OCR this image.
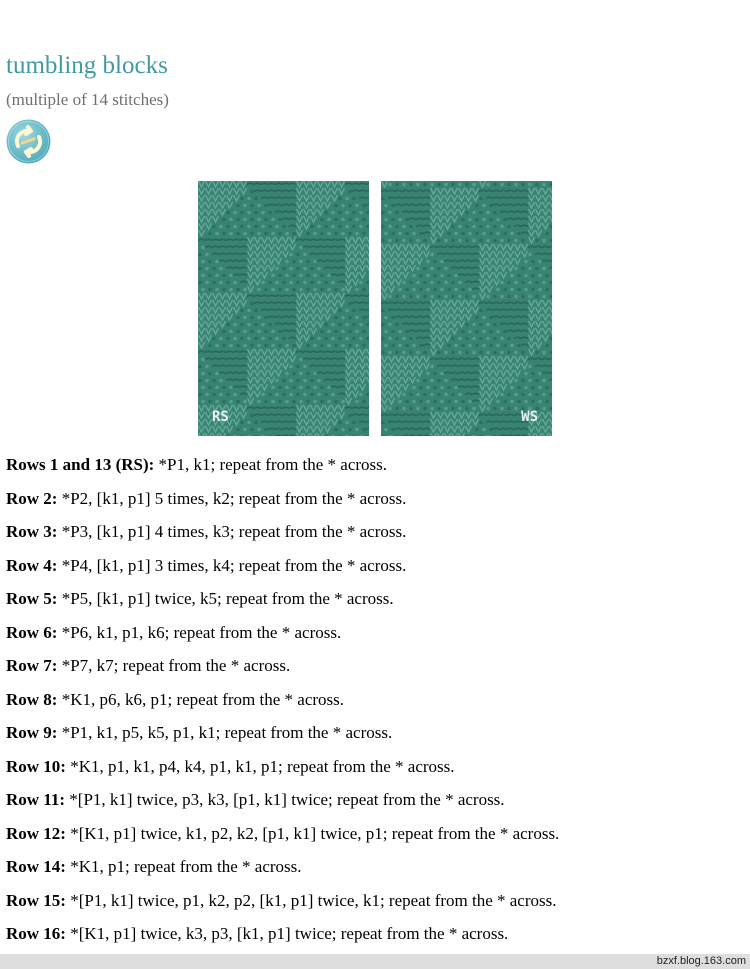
tumbling blocks
(multiple of 14 stitches)
RS	WS
Rows 1 and 13 (RS): *P1, k1; repeat from the * across.
Row 2: *P2, [k1, p1] 5 times, k2; repeat from the * across.
Row 3: *P3, [k1, p1] 4 times, k3; repeat from the * across.
Row 4: *P4, [k1, p1] 3 times, k4; repeat from the * across.
Row 5: *P5, [k1, p1] twice, k5; repeat from the * across.
Row 6: *P6, k1, p1, k6; repeat from the * across.
Row 7: *P7, k7; repeat from the * across.
Row 8: *K1, p6, k6, p1; repeat from the * across.
Row 9: *P1, k1, p5, k5, p1, k1; repeat from the * across.
Row 10: *K1, p1, k1, p4, k4, p1, k1, p1; repeat from the * across.
Row 11: *[P1, k1] twice, p3, k3, [p1, k1] twice; repeat from the * across.
Row 12: *[K1, p1] twice, k1, p2, k2, [p1, k1] twice, p1; repeat from the * across.
Row 14: *K1, p1; repeat from the * across.
Row 15: *[P1, k1] twice, p1, k2, p2, [k1, p1] twice, k1; repeat from the * across.
Row 16: *[K1, p1] twice, k3, p3, [k1, p1] twice; repeat from the * across.
bzxf.blog.163.com
